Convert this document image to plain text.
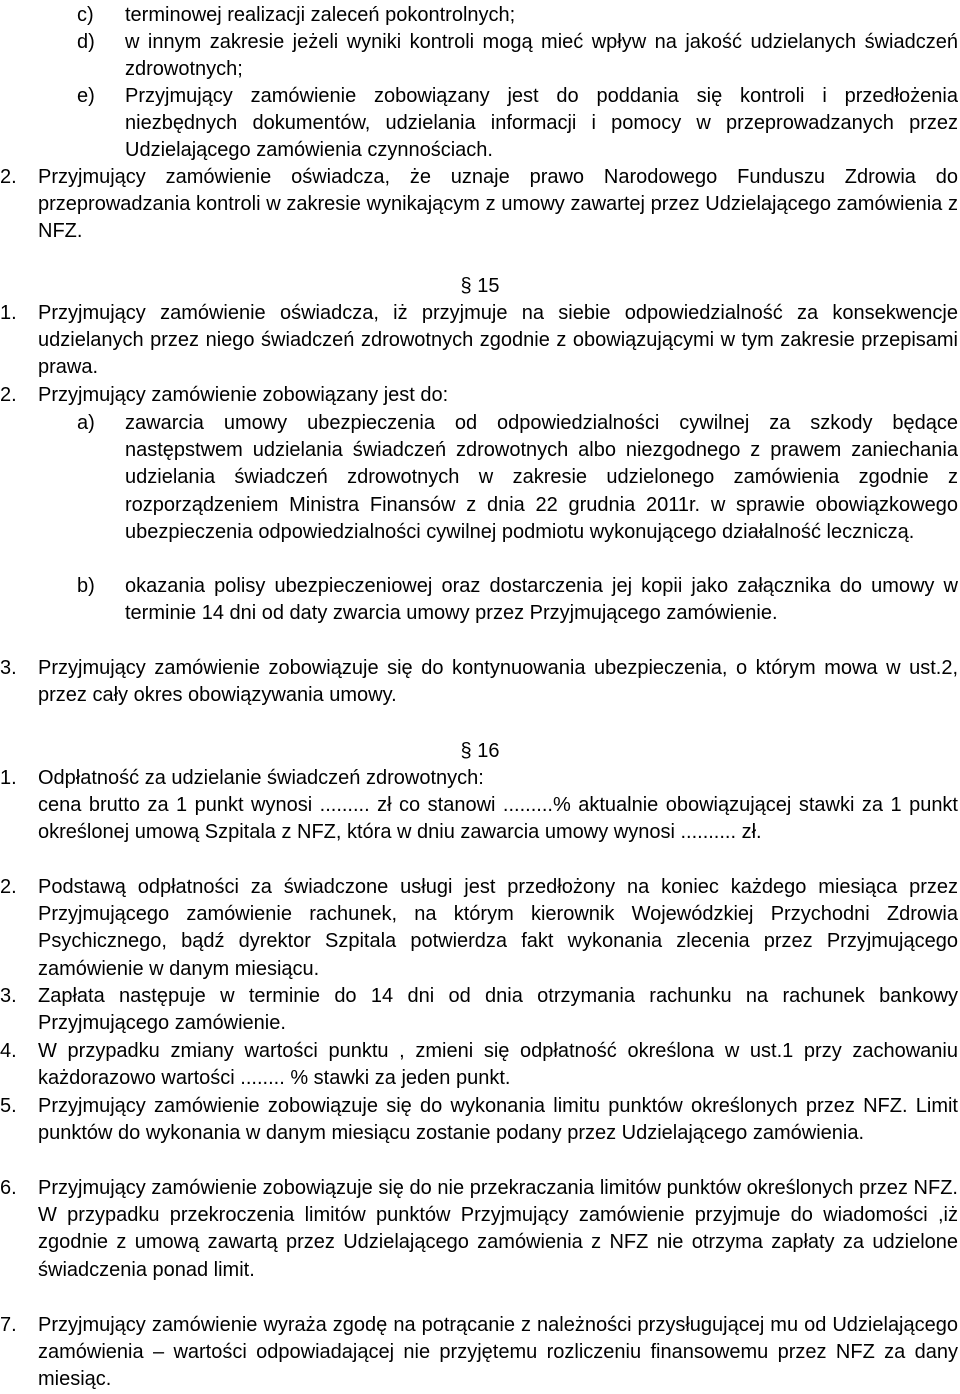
c) terminowej realizacji zaleceń pokontrolnych;
d) w innym zakresie jeżeli wyniki kontroli mogą mieć wpływ na jakość udzielanych świadczeń zdrowotnych;
e) Przyjmujący zamówienie zobowiązany jest do poddania się kontroli i przedłożenia niezbędnych dokumentów, udzielania informacji i pomocy w przeprowadzanych przez Udzielającego zamówienia czynnościach.
2. Przyjmujący zamówienie oświadcza, że uznaje prawo Narodowego Funduszu Zdrowia do przeprowadzania kontroli w zakresie wynikającym z umowy zawartej przez Udzielającego zamówienia z NFZ.
§ 15
1. Przyjmujący zamówienie oświadcza, iż przyjmuje na siebie odpowiedzialność za konsekwencje udzielanych przez niego świadczeń zdrowotnych zgodnie z obowiązującymi w tym zakresie przepisami prawa.
2. Przyjmujący zamówienie zobowiązany jest do:
a) zawarcia umowy ubezpieczenia od odpowiedzialności cywilnej za szkody będące następstwem udzielania świadczeń zdrowotnych albo niezgodnego z prawem zaniechania udzielania świadczeń zdrowotnych w zakresie udzielonego zamówienia zgodnie z rozporządzeniem Ministra Finansów z dnia 22 grudnia 2011r. w sprawie obowiązkowego ubezpieczenia odpowiedzialności cywilnej podmiotu wykonującego działalność leczniczą.
b) okazania polisy ubezpieczeniowej oraz dostarczenia jej kopii jako załącznika do umowy w terminie 14 dni od daty zwarcia umowy przez Przyjmującego zamówienie.
3. Przyjmujący zamówienie zobowiązuje się do kontynuowania ubezpieczenia, o którym mowa w ust.2, przez cały okres obowiązywania umowy.
§ 16
1. Odpłatność za udzielanie świadczeń zdrowotnych:
cena brutto za 1 punkt wynosi ......... zł co stanowi .........% aktualnie obowiązującej stawki za 1 punkt określonej umową Szpitala z NFZ, która w dniu zawarcia umowy wynosi .......... zł.
2. Podstawą odpłatności za świadczone usługi jest przedłożony na koniec każdego miesiąca przez Przyjmującego zamówienie rachunek, na którym kierownik Wojewódzkiej Przychodni Zdrowia Psychicznego, bądź dyrektor Szpitala potwierdza fakt wykonania zlecenia przez Przyjmującego zamówienie w danym miesiącu.
3. Zapłata następuje w terminie do 14 dni od dnia otrzymania rachunku na rachunek bankowy Przyjmującego zamówienie.
4. W przypadku zmiany wartości punktu , zmieni się odpłatność określona w ust.1 przy zachowaniu każdorazowo wartości ........ % stawki za jeden punkt.
5. Przyjmujący zamówienie zobowiązuje się do wykonania limitu punktów określonych przez NFZ. Limit punktów do wykonania w danym miesiącu zostanie podany przez Udzielającego zamówienia.
6. Przyjmujący zamówienie zobowiązuje się do nie przekraczania limitów punktów określonych przez NFZ. W przypadku przekroczenia limitów punktów Przyjmujący zamówienie przyjmuje do wiadomości ,iż zgodnie z umową zawartą przez Udzielającego zamówienia z NFZ nie otrzyma zapłaty za udzielone świadczenia ponad limit.
7. Przyjmujący zamówienie wyraża zgodę na potrącanie z należności przysługującej mu od Udzielającego zamówienia – wartości odpowiadającej nie przyjętemu rozliczeniu finansowemu przez NFZ za dany miesiąc.
